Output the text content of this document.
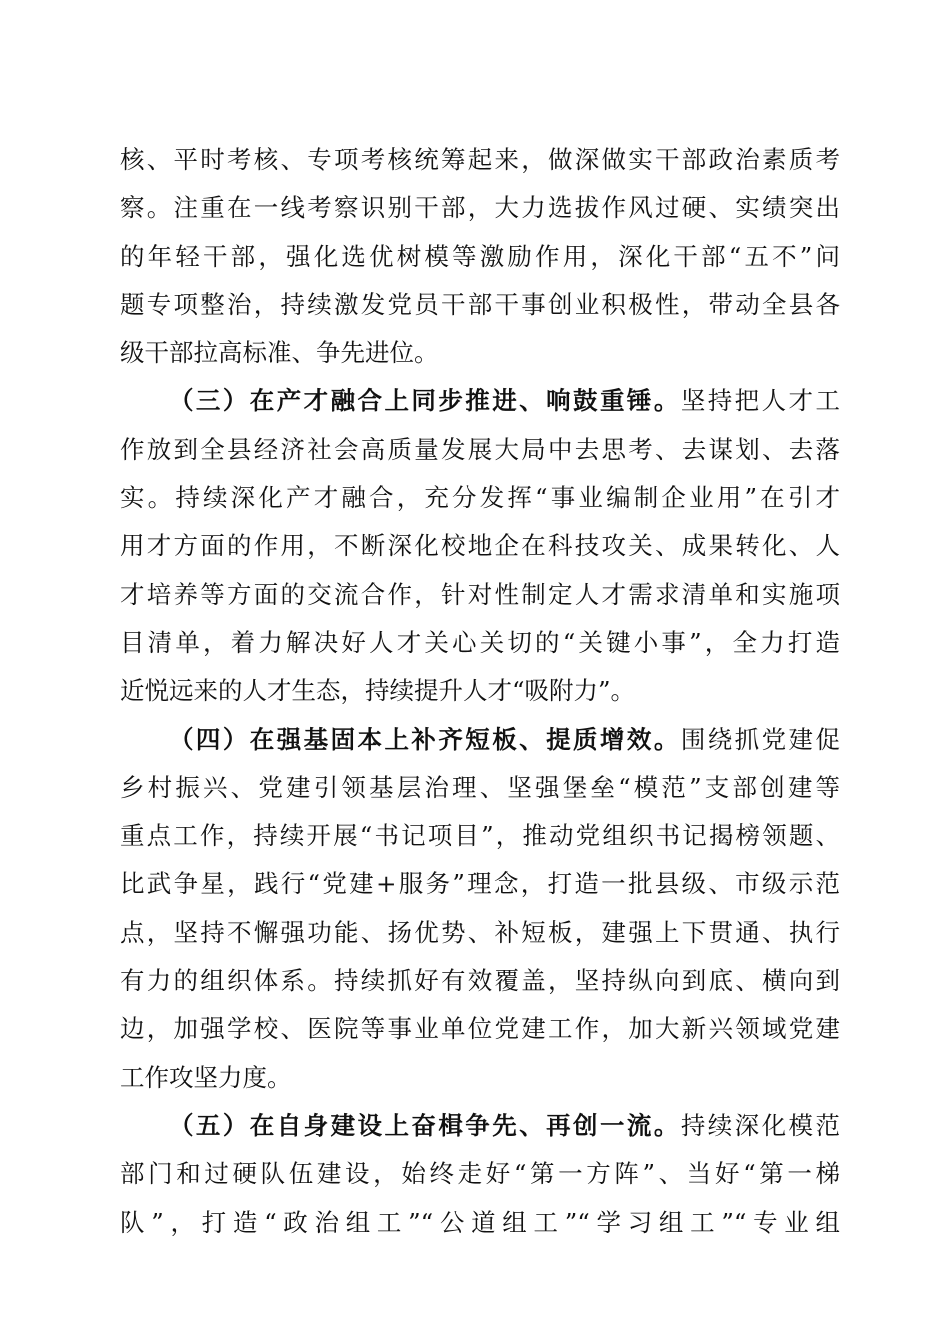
核、平时考核、专项考核统筹起来，做深做实干部政治素质考
察。注重在一线考察识别干部，大力选拔作风过硬、实绩突出
的年轻干部，强化选优树模等激励作用，深化干部“五不”问
题专项整治，持续激发党员干部干事创业积极性，带动全县各
级干部拉高标准、争先进位。
（三）在产才融合上同步推进、响鼓重锤。坚持把人才工
作放到全县经济社会高质量发展大局中去思考、去谋划、去落
实。持续深化产才融合，充分发挥“事业编制企业用”在引才
用才方面的作用，不断深化校地企在科技攻关、成果转化、人
才培养等方面的交流合作，针对性制定人才需求清单和实施项
目清单，着力解决好人才关心关切的“关键小事”，全力打造
近悦远来的人才生态，持续提升人才“吸附力”。
（四）在强基固本上补齐短板、提质增效。围绕抓党建促
乡村振兴、党建引领基层治理、坚强堡垒“模范”支部创建等
重点工作，持续开展“书记项目”，推动党组织书记揭榜领题、
比武争星，践行“党建+服务”理念，打造一批县级、市级示范
点，坚持不懈强功能、扬优势、补短板，建强上下贯通、执行
有力的组织体系。持续抓好有效覆盖，坚持纵向到底、横向到
边，加强学校、医院等事业单位党建工作，加大新兴领域党建
工作攻坚力度。
（五）在自身建设上奋楫争先、再创一流。持续深化模范
部门和过硬队伍建设，始终走好“第一方阵”、当好“第一梯
队”，打造“政治组工”“公道组工”“学习组工”“专业组
